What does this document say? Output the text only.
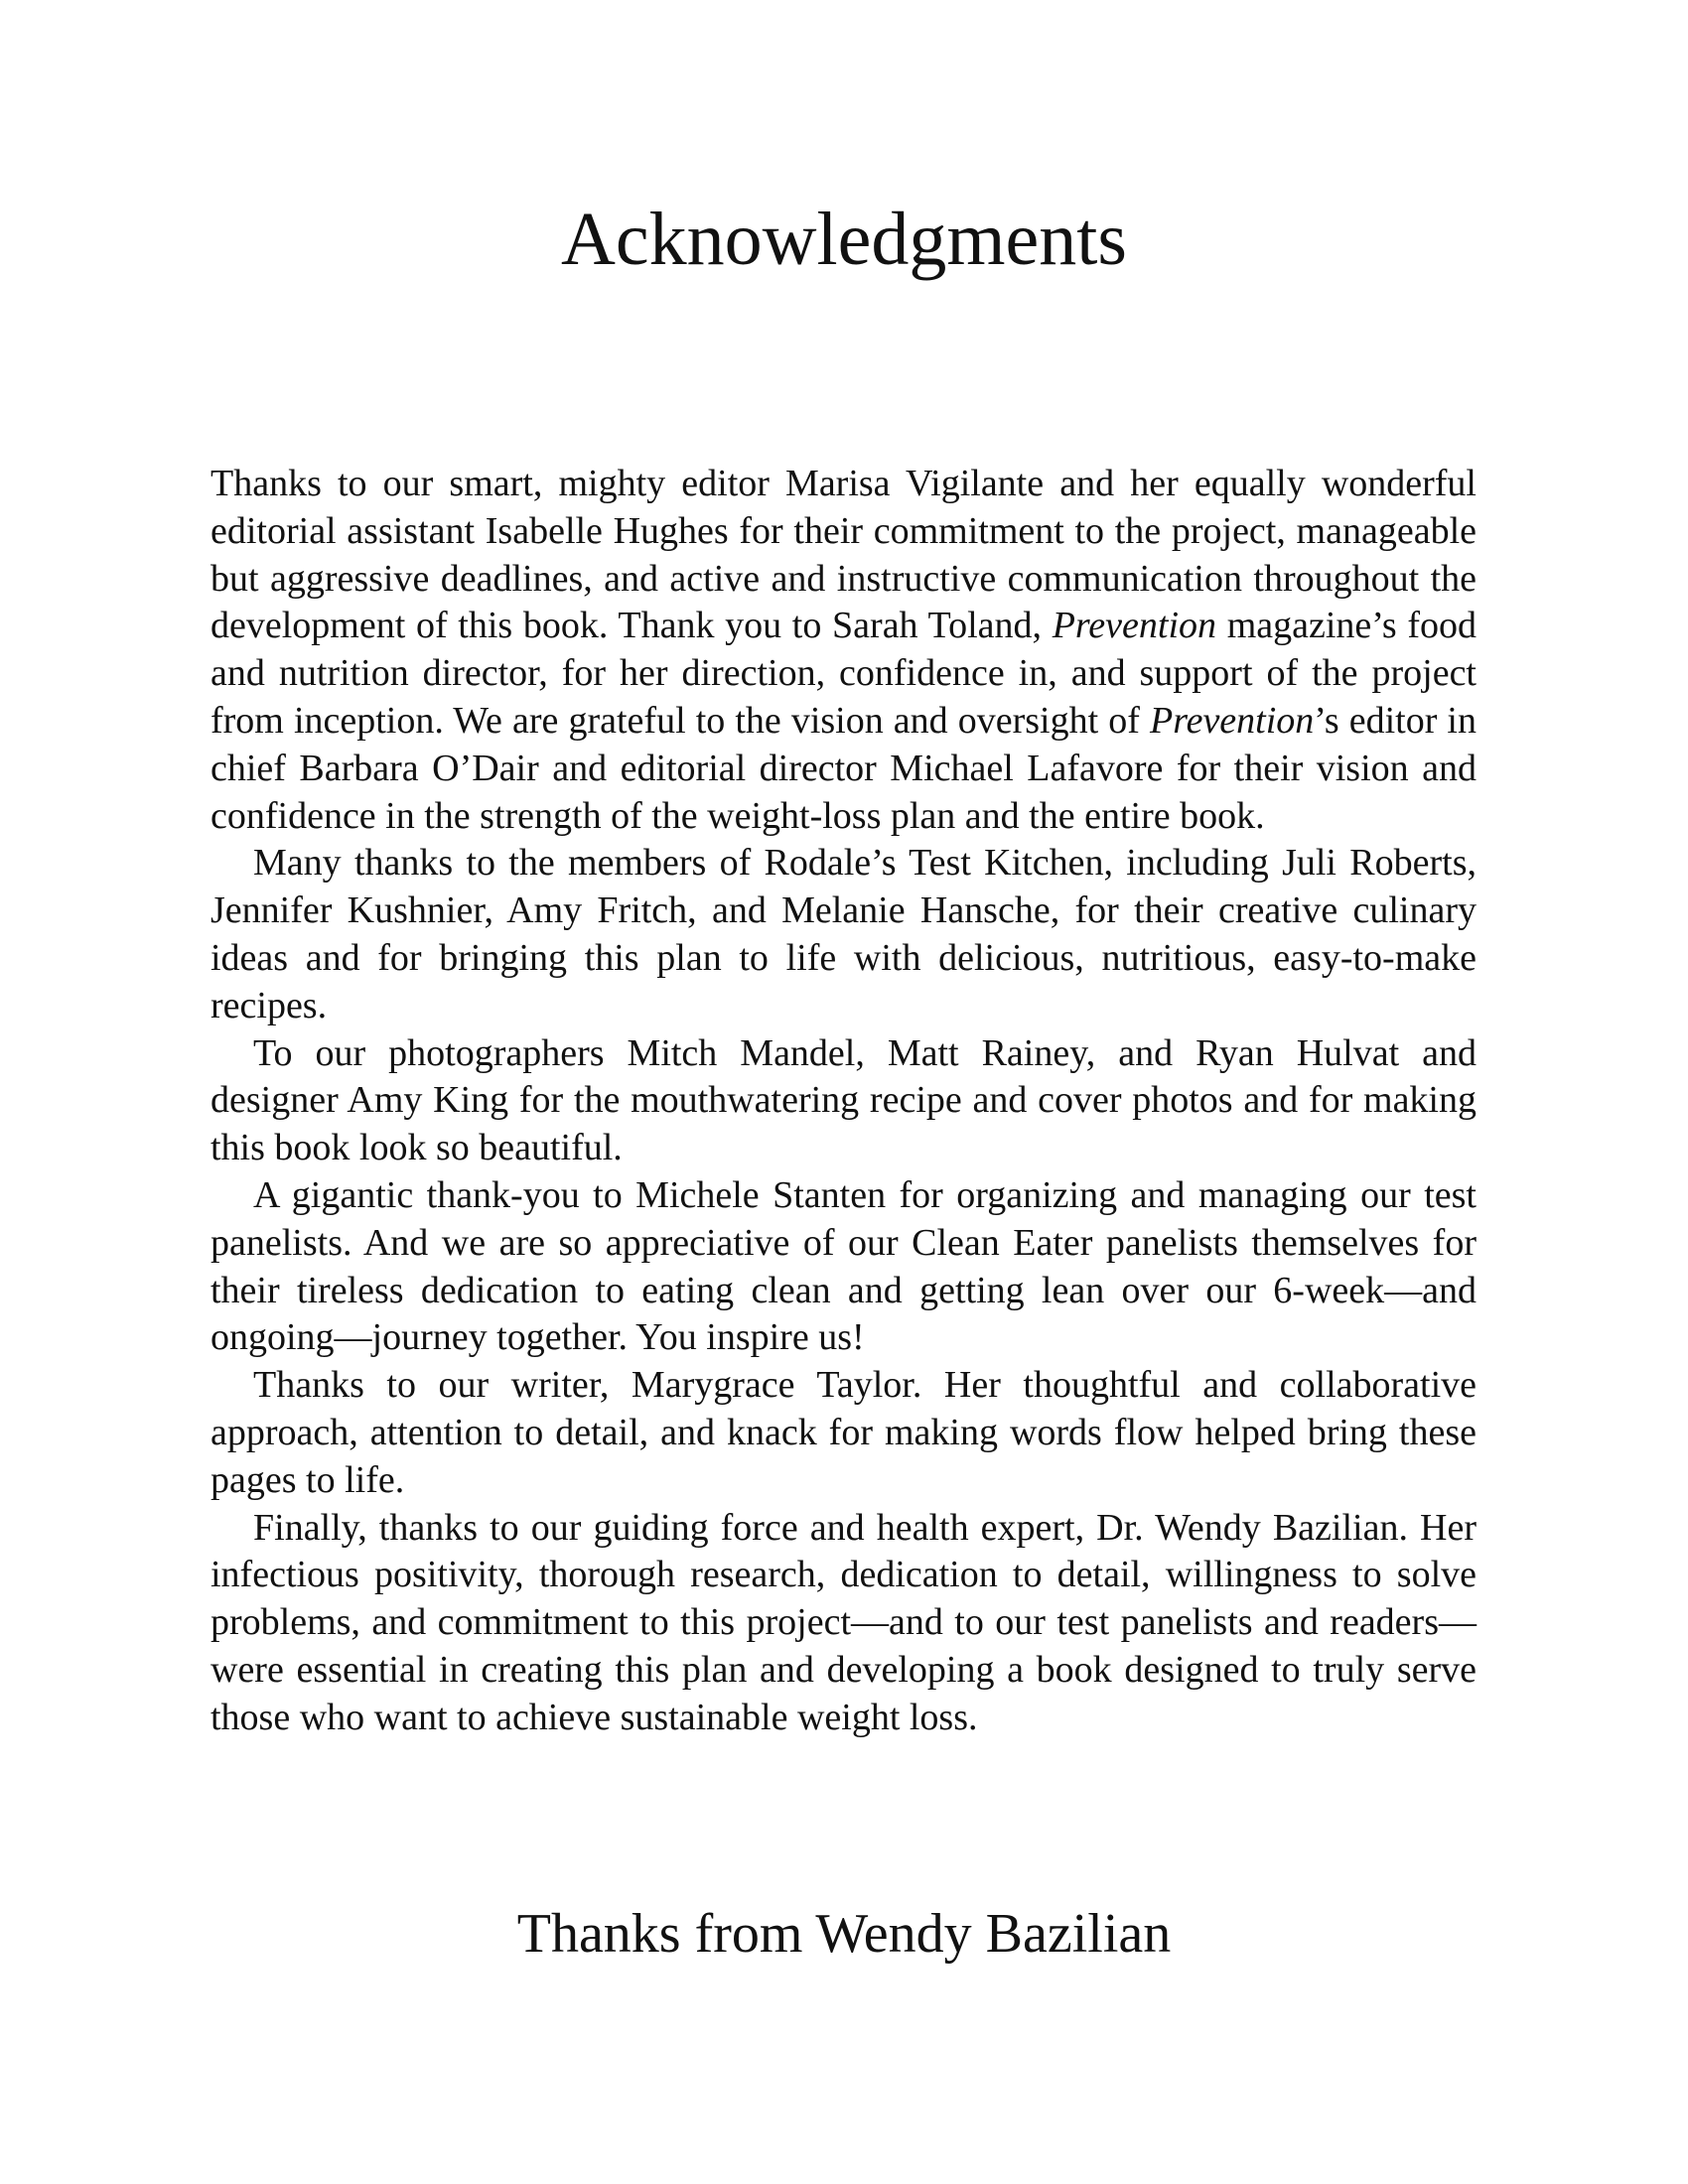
Acknowledgments

Thanks to our smart, mighty editor Marisa Vigilante and her equally wonderful editorial assistant Isabelle Hughes for their commitment to the project, manageable but aggressive deadlines, and active and instructive communication throughout the development of this book. Thank you to Sarah Toland, Prevention magazine’s food and nutrition director, for her direction, confidence in, and support of the project from inception. We are grateful to the vision and oversight of Prevention’s editor in chief Barbara O’Dair and editorial director Michael Lafavore for their vision and confidence in the strength of the weight-loss plan and the entire book.

Many thanks to the members of Rodale’s Test Kitchen, including Juli Roberts, Jennifer Kushnier, Amy Fritch, and Melanie Hansche, for their creative culinary ideas and for bringing this plan to life with delicious, nutritious, easy-to-make recipes.

To our photographers Mitch Mandel, Matt Rainey, and Ryan Hulvat and designer Amy King for the mouthwatering recipe and cover photos and for making this book look so beautiful.

A gigantic thank-you to Michele Stanten for organizing and managing our test panelists. And we are so appreciative of our Clean Eater panelists themselves for their tireless dedication to eating clean and getting lean over our 6-week—and ongoing—journey together. You inspire us!

Thanks to our writer, Marygrace Taylor. Her thoughtful and collaborative approach, attention to detail, and knack for making words flow helped bring these pages to life.

Finally, thanks to our guiding force and health expert, Dr. Wendy Bazilian. Her infectious positivity, thorough research, dedication to detail, willingness to solve problems, and commitment to this project—and to our test panelists and readers—were essential in creating this plan and developing a book designed to truly serve those who want to achieve sustainable weight loss.

Thanks from Wendy Bazilian
